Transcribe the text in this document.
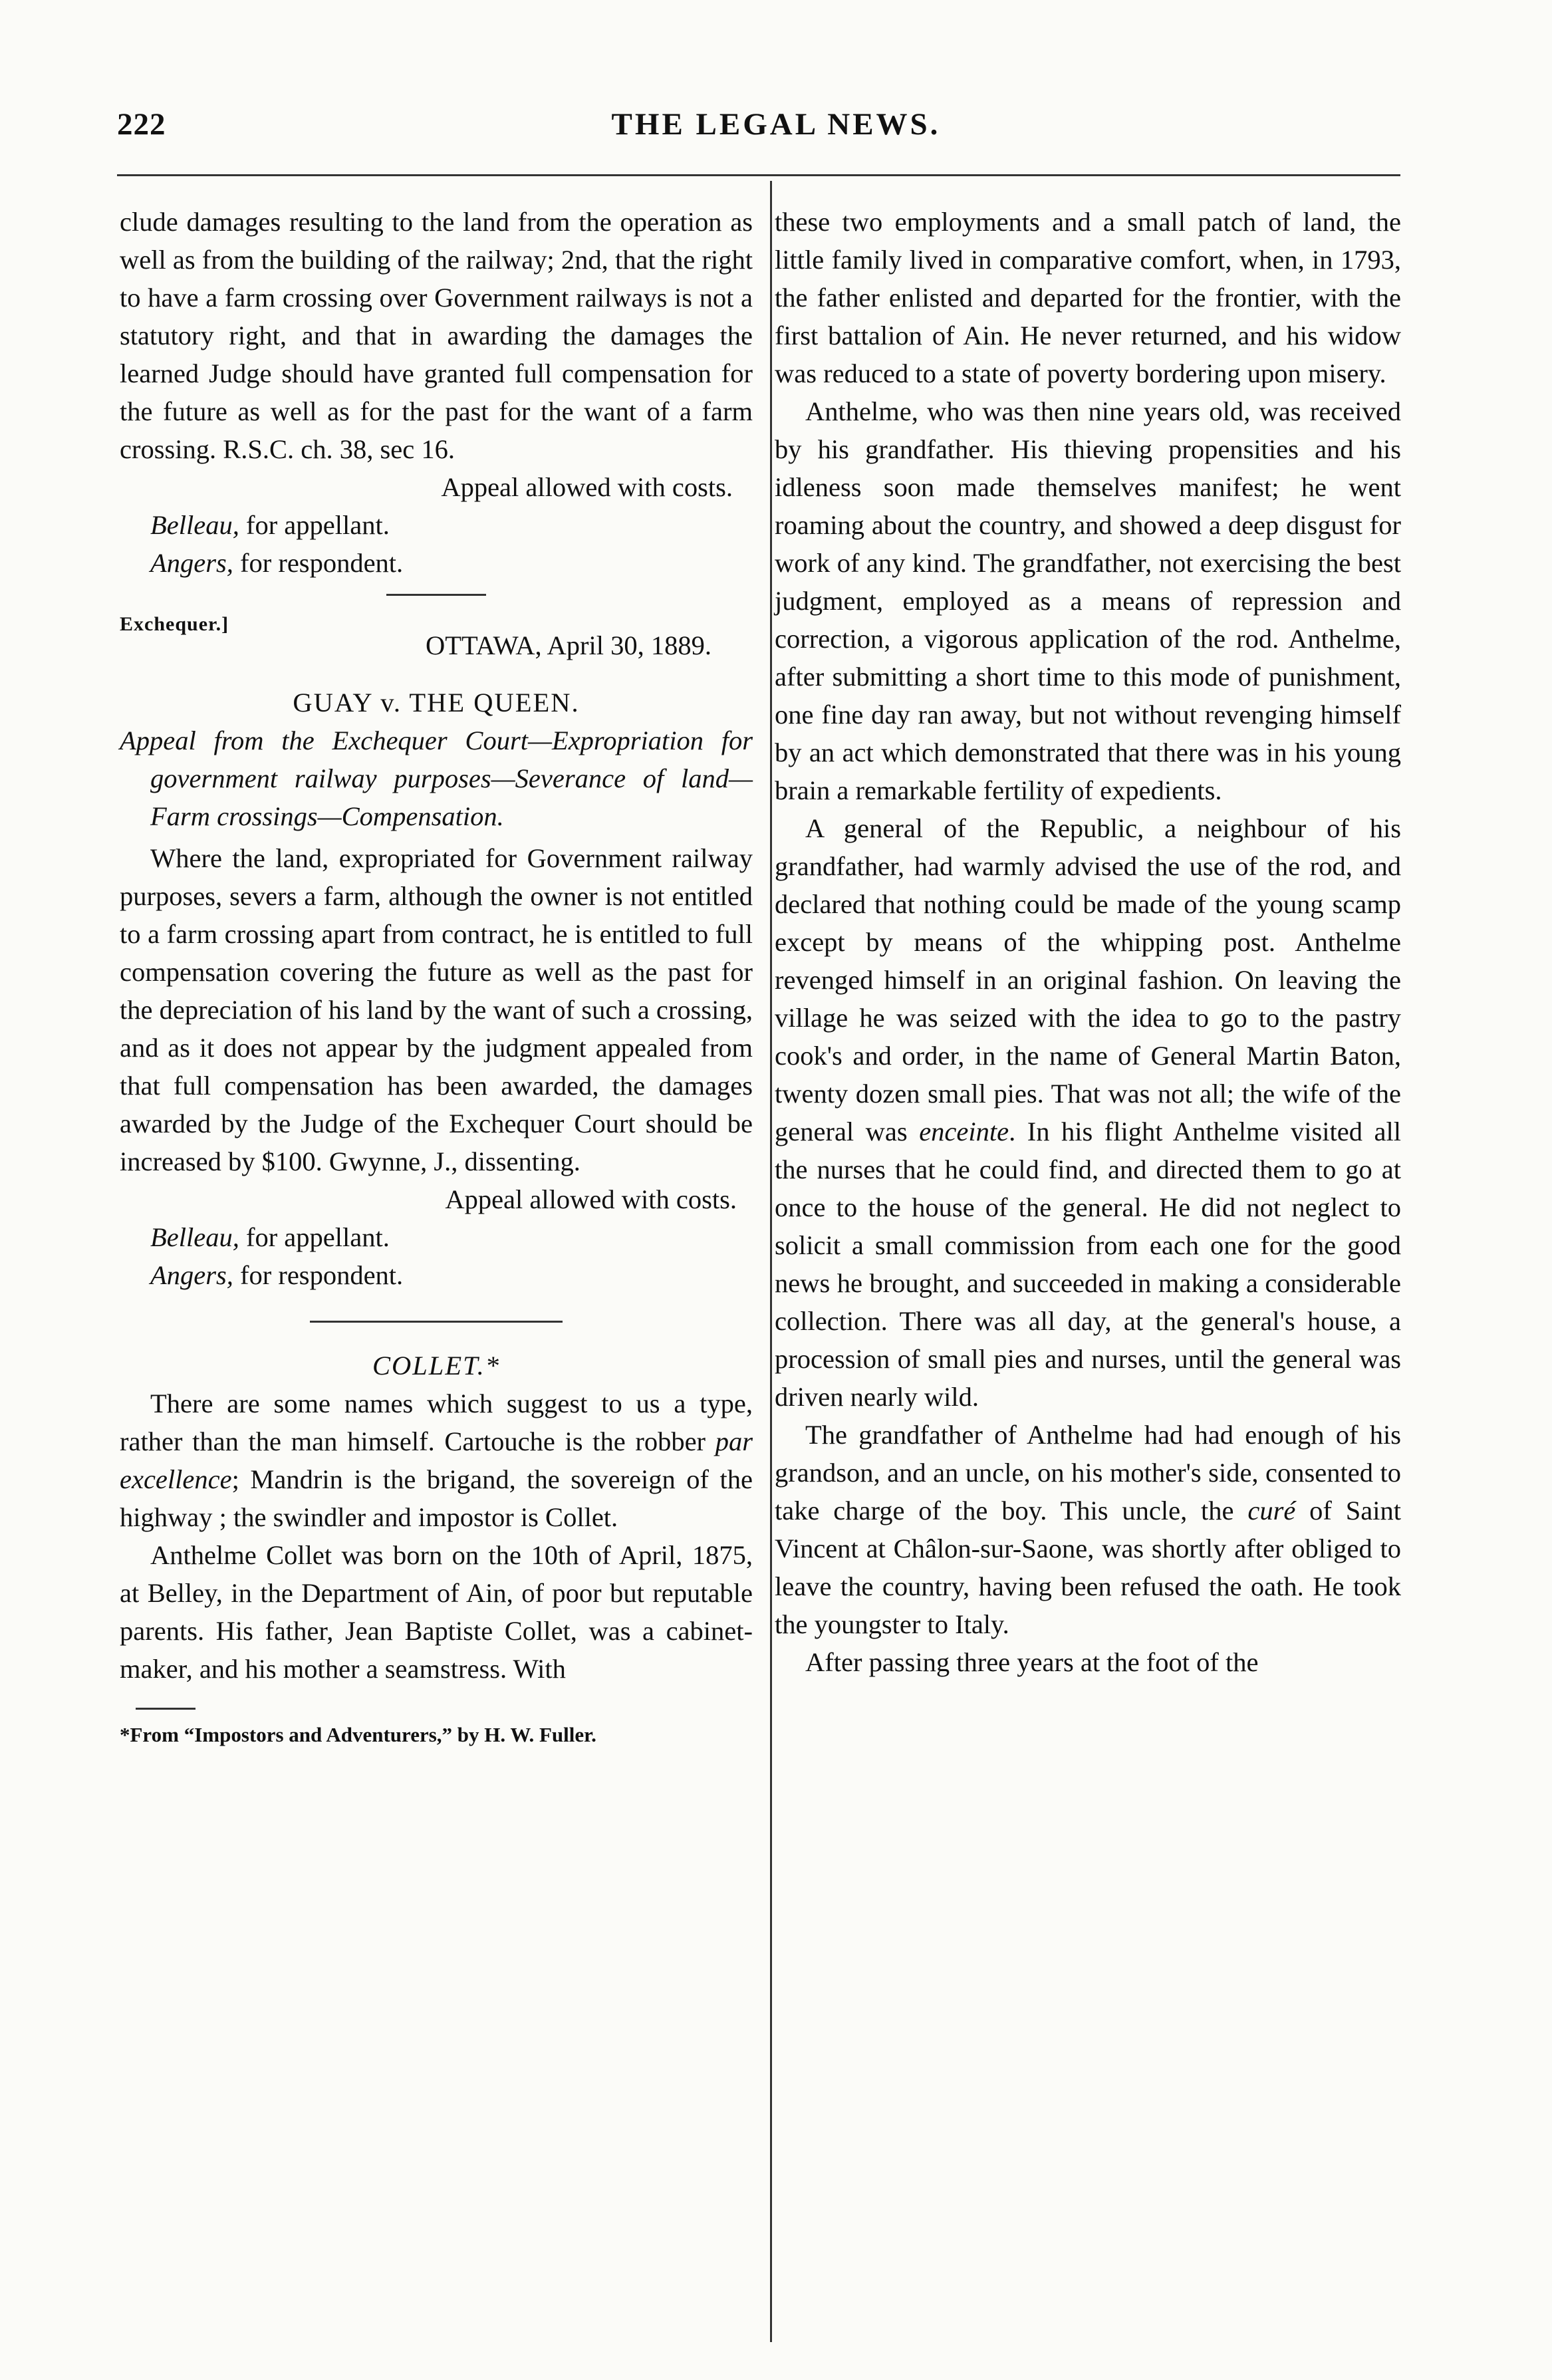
222	THE LEGAL NEWS.

clude damages resulting to the land from the operation as well as from the building of the railway; 2nd, that the right to have a farm crossing over Government railways is not a statutory right, and that in awarding the damages the learned Judge should have granted full compensation for the future as well as for the past for the want of a farm crossing. R.S.C. ch. 38, sec 16.

Appeal allowed with costs.

Belleau, for appellant.

Angers, for respondent.

Exchequer.]
OTTAWA, April 30, 1889.

GUAY v. THE QUEEN.

Appeal from the Exchequer Court—Expropriation for government railway purposes—Severance of land—Farm crossings—Compensation.

Where the land, expropriated for Government railway purposes, severs a farm, although the owner is not entitled to a farm crossing apart from contract, he is entitled to full compensation covering the future as well as the past for the depreciation of his land by the want of such a crossing, and as it does not appear by the judgment appealed from that full compensation has been awarded, the damages awarded by the Judge of the Exchequer Court should be increased by $100. Gwynne, J., dissenting.

Appeal allowed with costs.

Belleau, for appellant.

Angers, for respondent.

COLLET.*

There are some names which suggest to us a type, rather than the man himself. Cartouche is the robber par excellence; Mandrin is the brigand, the sovereign of the highway ; the swindler and impostor is Collet.

Anthelme Collet was born on the 10th of April, 1875, at Belley, in the Department of Ain, of poor but reputable parents. His father, Jean Baptiste Collet, was a cabinet-maker, and his mother a seamstress. With

*From “Impostors and Adventurers,” by H. W. Fuller.

these two employments and a small patch of land, the little family lived in comparative comfort, when, in 1793, the father enlisted and departed for the frontier, with the first battalion of Ain. He never returned, and his widow was reduced to a state of poverty bordering upon misery.

Anthelme, who was then nine years old, was received by his grandfather. His thieving propensities and his idleness soon made themselves manifest; he went roaming about the country, and showed a deep disgust for work of any kind. The grandfather, not exercising the best judgment, employed as a means of repression and correction, a vigorous application of the rod. Anthelme, after submitting a short time to this mode of punishment, one fine day ran away, but not without revenging himself by an act which demonstrated that there was in his young brain a remarkable fertility of expedients.

A general of the Republic, a neighbour of his grandfather, had warmly advised the use of the rod, and declared that nothing could be made of the young scamp except by means of the whipping post. Anthelme revenged himself in an original fashion. On leaving the village he was seized with the idea to go to the pastry cook's and order, in the name of General Martin Baton, twenty dozen small pies. That was not all; the wife of the general was enceinte. In his flight Anthelme visited all the nurses that he could find, and directed them to go at once to the house of the general. He did not neglect to solicit a small commission from each one for the good news he brought, and succeeded in making a considerable collection. There was all day, at the general's house, a procession of small pies and nurses, until the general was driven nearly wild.

The grandfather of Anthelme had had enough of his grandson, and an uncle, on his mother's side, consented to take charge of the boy. This uncle, the curé of Saint Vincent at Châlon-sur-Saone, was shortly after obliged to leave the country, having been refused the oath. He took the youngster to Italy.

After passing three years at the foot of the
